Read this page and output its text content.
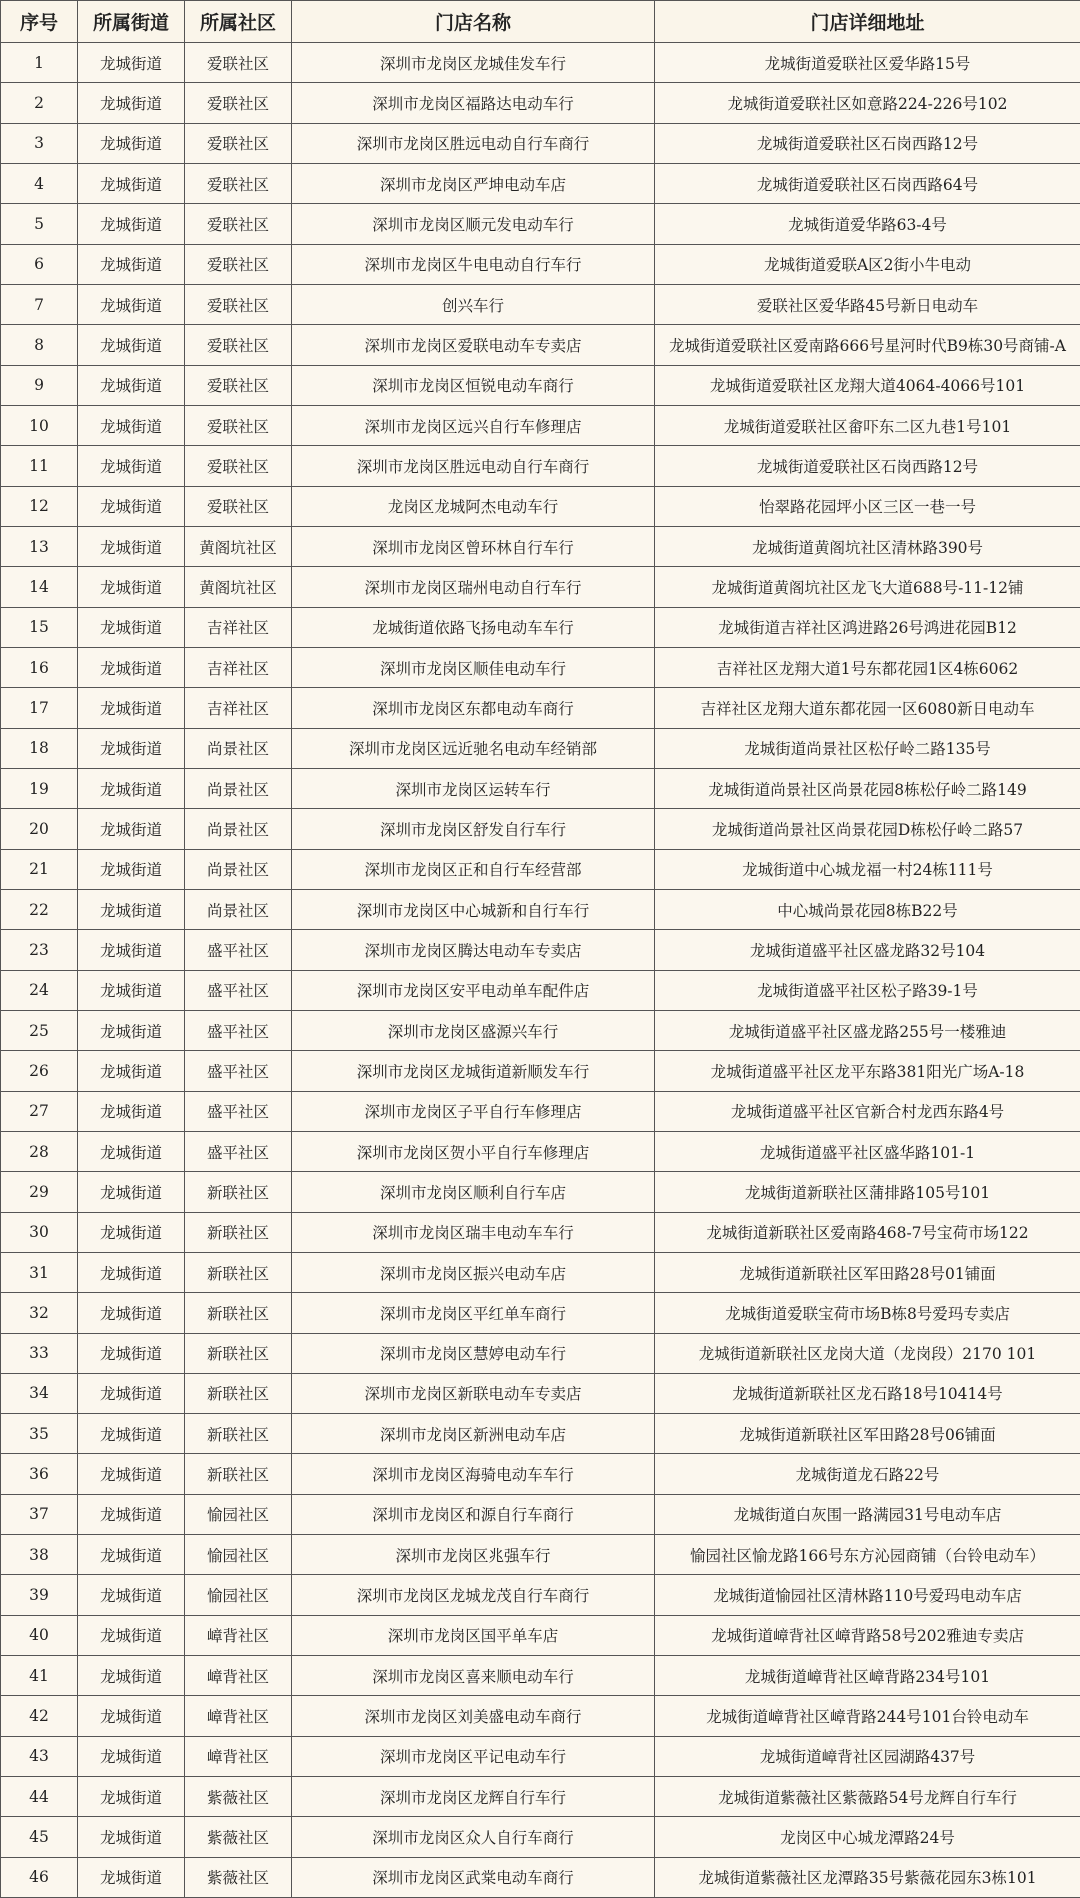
序号	所属街道	所属社区	门店名称	门店详细地址
1	龙城街道	爱联社区	深圳市龙岗区龙城佳发车行	龙城街道爱联社区爱华路15号
2	龙城街道	爱联社区	深圳市龙岗区福路达电动车行	龙城街道爱联社区如意路224-226号102
3	龙城街道	爱联社区	深圳市龙岗区胜远电动自行车商行	龙城街道爱联社区石岗西路12号
4	龙城街道	爱联社区	深圳市龙岗区严坤电动车店	龙城街道爱联社区石岗西路64号
5	龙城街道	爱联社区	深圳市龙岗区顺元发电动车行	龙城街道爱华路63-4号
6	龙城街道	爱联社区	深圳市龙岗区牛电电动自行车行	龙城街道爱联A区2街小牛电动
7	龙城街道	爱联社区	创兴车行	爱联社区爱华路45号新日电动车
8	龙城街道	爱联社区	深圳市龙岗区爱联电动车专卖店	龙城街道爱联社区爱南路666号星河时代B9栋30号商铺-A
9	龙城街道	爱联社区	深圳市龙岗区恒锐电动车商行	龙城街道爱联社区龙翔大道4064-4066号101
10	龙城街道	爱联社区	深圳市龙岗区远兴自行车修理店	龙城街道爱联社区畲吓东二区九巷1号101
11	龙城街道	爱联社区	深圳市龙岗区胜远电动自行车商行	龙城街道爱联社区石岗西路12号
12	龙城街道	爱联社区	龙岗区龙城阿杰电动车行	怡翠路花园坪小区三区一巷一号
13	龙城街道	黄阁坑社区	深圳市龙岗区曾环林自行车行	龙城街道黄阁坑社区清林路390号
14	龙城街道	黄阁坑社区	深圳市龙岗区瑞州电动自行车行	龙城街道黄阁坑社区龙飞大道688号-11-12铺
15	龙城街道	吉祥社区	龙城街道依路飞扬电动车车行	龙城街道吉祥社区鸿进路26号鸿进花园B12
16	龙城街道	吉祥社区	深圳市龙岗区顺佳电动车行	吉祥社区龙翔大道1号东都花园1区4栋6062
17	龙城街道	吉祥社区	深圳市龙岗区东都电动车商行	吉祥社区龙翔大道东都花园一区6080新日电动车
18	龙城街道	尚景社区	深圳市龙岗区远近驰名电动车经销部	龙城街道尚景社区松仔岭二路135号
19	龙城街道	尚景社区	深圳市龙岗区运转车行	龙城街道尚景社区尚景花园8栋松仔岭二路149
20	龙城街道	尚景社区	深圳市龙岗区舒发自行车行	龙城街道尚景社区尚景花园D栋松仔岭二路57
21	龙城街道	尚景社区	深圳市龙岗区正和自行车经营部	龙城街道中心城龙福一村24栋111号
22	龙城街道	尚景社区	深圳市龙岗区中心城新和自行车行	中心城尚景花园8栋B22号
23	龙城街道	盛平社区	深圳市龙岗区腾达电动车专卖店	龙城街道盛平社区盛龙路32号104
24	龙城街道	盛平社区	深圳市龙岗区安平电动单车配件店	龙城街道盛平社区松子路39-1号
25	龙城街道	盛平社区	深圳市龙岗区盛源兴车行	龙城街道盛平社区盛龙路255号一楼雅迪
26	龙城街道	盛平社区	深圳市龙岗区龙城街道新顺发车行	龙城街道盛平社区龙平东路381阳光广场A-18
27	龙城街道	盛平社区	深圳市龙岗区子平自行车修理店	龙城街道盛平社区官新合村龙西东路4号
28	龙城街道	盛平社区	深圳市龙岗区贺小平自行车修理店	龙城街道盛平社区盛华路101-1
29	龙城街道	新联社区	深圳市龙岗区顺利自行车店	龙城街道新联社区蒲排路105号101
30	龙城街道	新联社区	深圳市龙岗区瑞丰电动车车行	龙城街道新联社区爱南路468-7号宝荷市场122
31	龙城街道	新联社区	深圳市龙岗区振兴电动车店	龙城街道新联社区军田路28号01铺面
32	龙城街道	新联社区	深圳市龙岗区平红单车商行	龙城街道爱联宝荷市场B栋8号爱玛专卖店
33	龙城街道	新联社区	深圳市龙岗区慧婷电动车行	龙城街道新联社区龙岗大道（龙岗段）2170 101
34	龙城街道	新联社区	深圳市龙岗区新联电动车专卖店	龙城街道新联社区龙石路18号10414号
35	龙城街道	新联社区	深圳市龙岗区新洲电动车店	龙城街道新联社区军田路28号06铺面
36	龙城街道	新联社区	深圳市龙岗区海骑电动车车行	龙城街道龙石路22号
37	龙城街道	愉园社区	深圳市龙岗区和源自行车商行	龙城街道白灰围一路满园31号电动车店
38	龙城街道	愉园社区	深圳市龙岗区兆强车行	愉园社区愉龙路166号东方沁园商铺（台铃电动车）
39	龙城街道	愉园社区	深圳市龙岗区龙城龙茂自行车商行	龙城街道愉园社区清林路110号爱玛电动车店
40	龙城街道	嶂背社区	深圳市龙岗区国平单车店	龙城街道嶂背社区嶂背路58号202雅迪专卖店
41	龙城街道	嶂背社区	深圳市龙岗区喜来顺电动车行	龙城街道嶂背社区嶂背路234号101
42	龙城街道	嶂背社区	深圳市龙岗区刘美盛电动车商行	龙城街道嶂背社区嶂背路244号101台铃电动车
43	龙城街道	嶂背社区	深圳市龙岗区平记电动车行	龙城街道嶂背社区园湖路437号
44	龙城街道	紫薇社区	深圳市龙岗区龙辉自行车行	龙城街道紫薇社区紫薇路54号龙辉自行车行
45	龙城街道	紫薇社区	深圳市龙岗区众人自行车商行	龙岗区中心城龙潭路24号
46	龙城街道	紫薇社区	深圳市龙岗区武棠电动车商行	龙城街道紫薇社区龙潭路35号紫薇花园东3栋101
